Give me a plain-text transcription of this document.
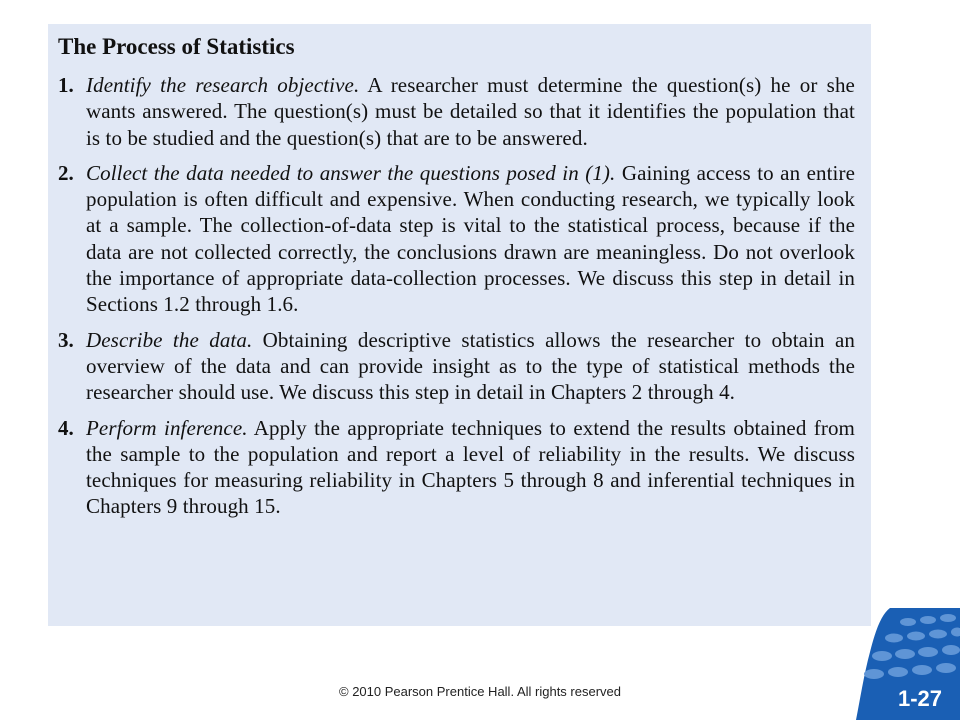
The Process of Statistics
1. Identify the research objective. A researcher must determine the question(s) he or she wants answered. The question(s) must be detailed so that it identifies the population that is to be studied and the question(s) that are to be answered.
2. Collect the data needed to answer the questions posed in (1). Gaining access to an entire population is often difficult and expensive. When conducting research, we typically look at a sample. The collection-of-data step is vital to the statistical process, because if the data are not collected correctly, the conclusions drawn are meaningless. Do not overlook the importance of appropriate data-collection processes. We discuss this step in detail in Sections 1.2 through 1.6.
3. Describe the data. Obtaining descriptive statistics allows the researcher to obtain an overview of the data and can provide insight as to the type of statistical methods the researcher should use. We discuss this step in detail in Chapters 2 through 4.
4. Perform inference. Apply the appropriate techniques to extend the results obtained from the sample to the population and report a level of reliability in the results. We discuss techniques for measuring reliability in Chapters 5 through 8 and inferential techniques in Chapters 9 through 15.
© 2010 Pearson Prentice Hall. All rights reserved	1-27
